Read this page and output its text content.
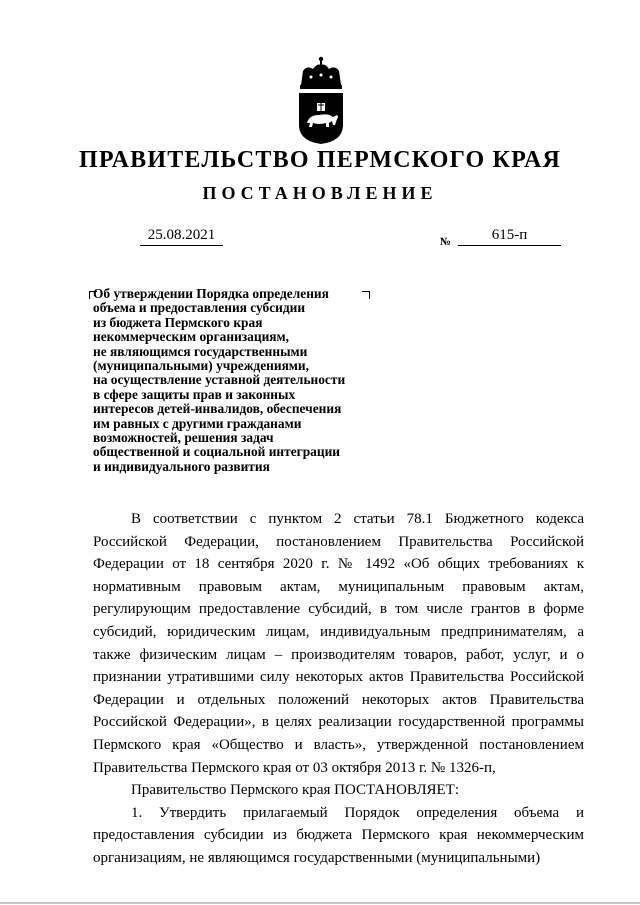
ПРАВИТЕЛЬСТВО ПЕРМСКОГО КРАЯ
ПОСТАНОВЛЕНИЕ
25.08.2021	№	615-п
Об утверждении Порядка определения
объема и предоставления субсидии
из бюджета Пермского края
некоммерческим организациям,
не являющимся государственными
(муниципальными) учреждениями,
на осуществление уставной деятельности
в сфере защиты прав и законных
интересов детей-инвалидов, обеспечения
им равных с другими гражданами
возможностей, решения задач
общественной и социальной интеграции
и индивидуального развития

В соответствии с пунктом 2 статьи 78.1 Бюджетного кодекса Российской Федерации, постановлением Правительства Российской Федерации от 18 сентября 2020 г. № 1492 «Об общих требованиях к нормативным правовым актам, муниципальным правовым актам, регулирующим предоставление субсидий, в том числе грантов в форме субсидий, юридическим лицам, индивидуальным предпринимателям, а также физическим лицам – производителям товаров, работ, услуг, и о признании утратившими силу некоторых актов Правительства Российской Федерации и отдельных положений некоторых актов Правительства Российской Федерации», в целях реализации государственной программы Пермского края «Общество и власть», утвержденной постановлением Правительства Пермского края от 03 октября 2013 г. № 1326-п,

Правительство Пермского края ПОСТАНОВЛЯЕТ:

1. Утвердить прилагаемый Порядок определения объема и предоставления субсидии из бюджета Пермского края некоммерческим организациям, не являющимся государственными (муниципальными)
